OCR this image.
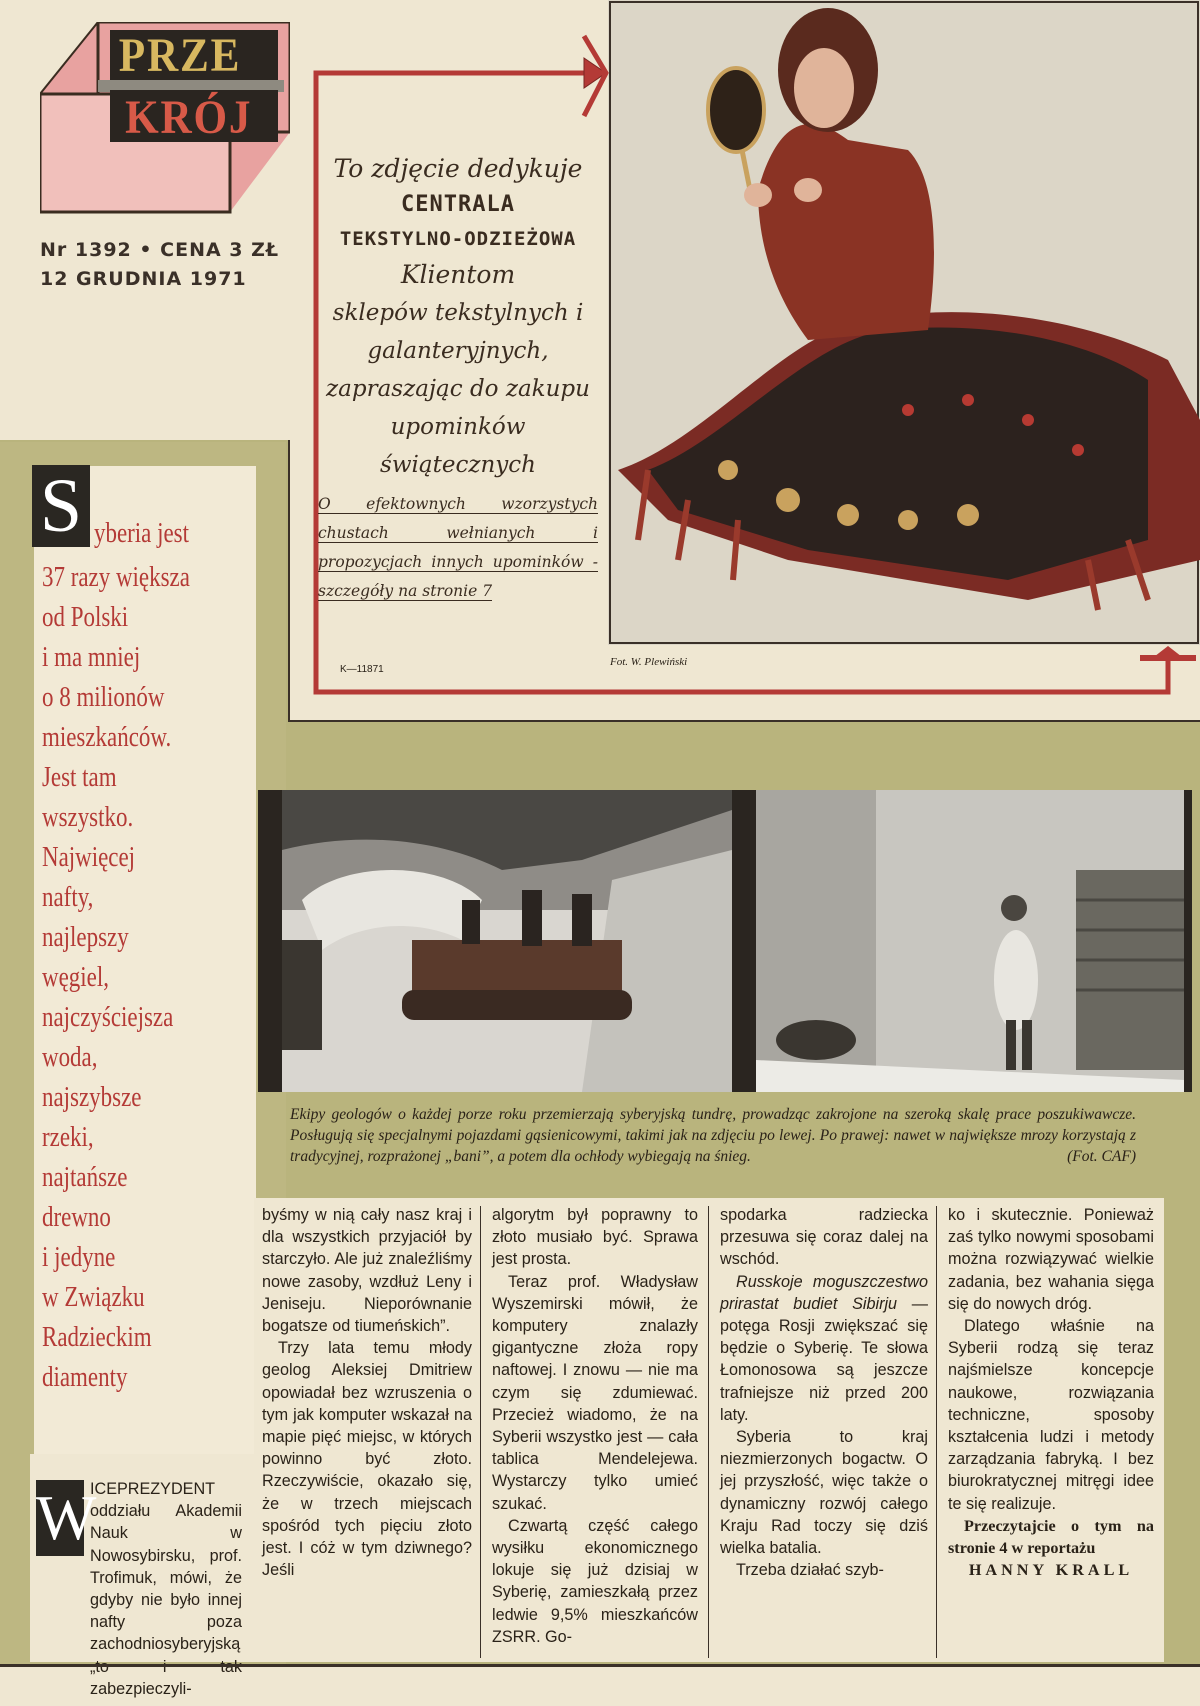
PRZE
KRÓJ
Nr 1392 • CENA 3 ZŁ
12 GRUDNIA 1971
To zdjęcie dedykuje
CENTRALA
TEKSTYLNO-ODZIEŻOWA
Klientom
sklepów tekstylnych i galanteryjnych, zapraszając do zakupu upominków świątecznych
O efektownych wzorzystych chustach wełnianych i propozycjach innych upominków - szczegóły na stronie 7
K—11871
Fot. W. Plewiński
S yberia jest
37 razy większa
od Polski
i ma mniej
o 8 milionów
mieszkańców.
Jest tam
wszystko.
Najwięcej
nafty,
najlepszy
węgiel,
najczyściejsza
woda,
najszybsze
rzeki,
najtańsze
drewno
i jedyne
w Związku
Radzieckim
diamenty
Ekipy geologów o każdej porze roku przemierzają syberyjską tundrę, prowadząc zakrojone na szeroką skalę prace poszukiwawcze. Posługują się specjalnymi pojazdami gąsienicowymi, takimi jak na zdjęciu po lewej. Po prawej: nawet w największe mrozy korzystają z tradycyjnej, rozprażonej „bani”, a potem dla ochłody wybiegają na śnieg.	(Fot. CAF)
W

ICEPREZYDENT oddziału Akademii Nauk w Nowosybirsku, prof. Trofimuk, mówi, że gdyby nie było innej nafty poza zachodniosyberyjską zabezpieczyli-

byśmy w nią cały nasz kraj i dla wszystkich przyjaciół by starczyło. Ale już znaleźliśmy nowe zasoby, wzdłuż Leny i Jeniseju. Nieporównanie bogatsze od tiumeńskich”.

Trzy lata temu młody geolog Aleksiej Dmitriew opowiadał bez wzruszenia o tym jak komputer wskazał na mapie pięć miejsc, w których powinno być złoto. Rzeczywiście, okazało się, że w trzech miejscach spośród tych pięciu złoto jest. I cóż w tym dziwnego? Jeśli

algorytm był poprawny to złoto musiało być. Sprawa jest prosta.

Teraz prof. Władysław Wyszemirski mówił, że komputery znalazły gigantyczne złoża ropy naftowej. I znowu — nie ma czym się zdumiewać. Przecież wiadomo, że na Syberii wszystko jest — cała tablica Mendelejewa. Wystarczy tylko umieć szukać.

Czwartą część całego wysiłku ekonomicznego lokuje się już dzisiaj w Syberię, zamieszkałą przez ledwie 9,5% mieszkańców ZSRR. Go-

spodarka radziecka przesuwa się coraz dalej na wschód.

Russkoje moguszczestwo prirastat budiet Sibirju — potęga Rosji zwiększać się będzie o Syberię. Te słowa Łomonosowa są jeszcze trafniejsze niż przed 200 laty.

Syberia to kraj niezmierzonych bogactw. O jej przyszłość, więc także o dynamiczny rozwój całego Kraju Rad toczy się dziś wielka batalia.

Trzeba działać szyb-

ko i skutecznie. Ponieważ zaś tylko nowymi sposobami można rozwiązywać wielkie zadania, bez wahania sięga się do nowych dróg.

Dlatego właśnie na Syberii rodzą się teraz najśmielsze koncepcje naukowe, rozwiązania techniczne, sposoby kształcenia ludzi i metody zarządzania fabryką. I bez biurokratycznej mitręgi idee te się realizuje.

Przeczytajcie o tym na stronie 4 w reportażu

HANNY KRALL
